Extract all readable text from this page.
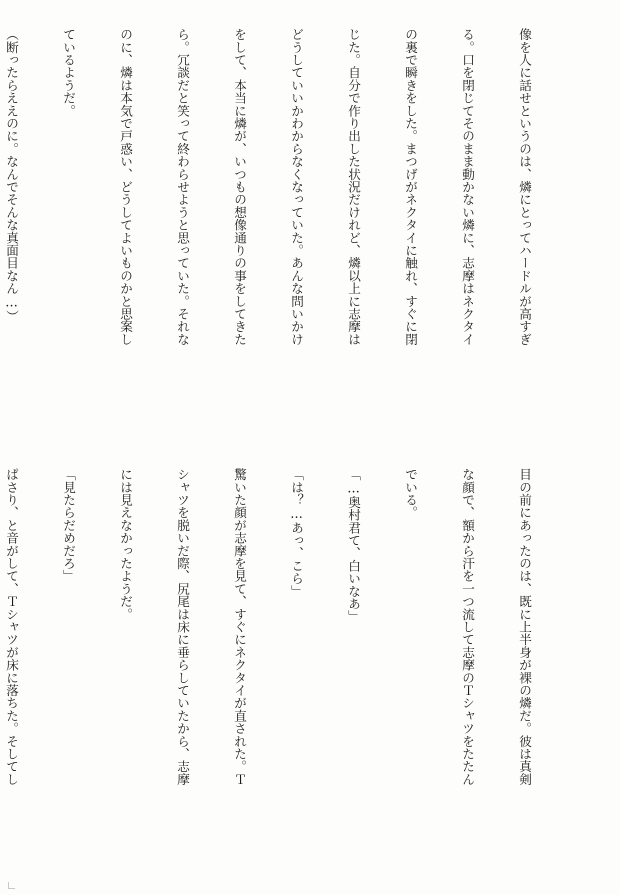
像を人に話せというのは、燐にとってハードルが高すぎ

る。口を閉じてそのまま動かない燐に、志摩はネクタイ

の裏で瞬きをした。まつげがネクタイに触れ、すぐに閉

じた。自分で作り出した状況だけれど、燐以上に志摩は

どうしていいかわからなくなっていた。あんな問いかけ

をして、本当に燐が、いつもの想像通りの事をしてきた

ら。冗談だと笑って終わらせようと思っていた。それな

のに、燐は本気で戸惑い、どうしてよいものかと思案し

ているようだ。

（断ったらええのに。なんでそんな真面目なん…）

目の前にあったのは、既に上半身が裸の燐だ。彼は真剣

な顔で、額から汗を一つ流して志摩のＴシャツをたたん

でいる。

「…奥村君て、白いなあ」

「は？…あっ、こら」

驚いた顔が志摩を見て、すぐにネクタイが直された。Ｔ

シャツを脱いだ際、尻尾は床に垂らしていたから、志摩

には見えなかったようだ。

「見たらだめだろ」

ぱさり、と音がして、Ｔシャツが床に落ちた。そしてし
